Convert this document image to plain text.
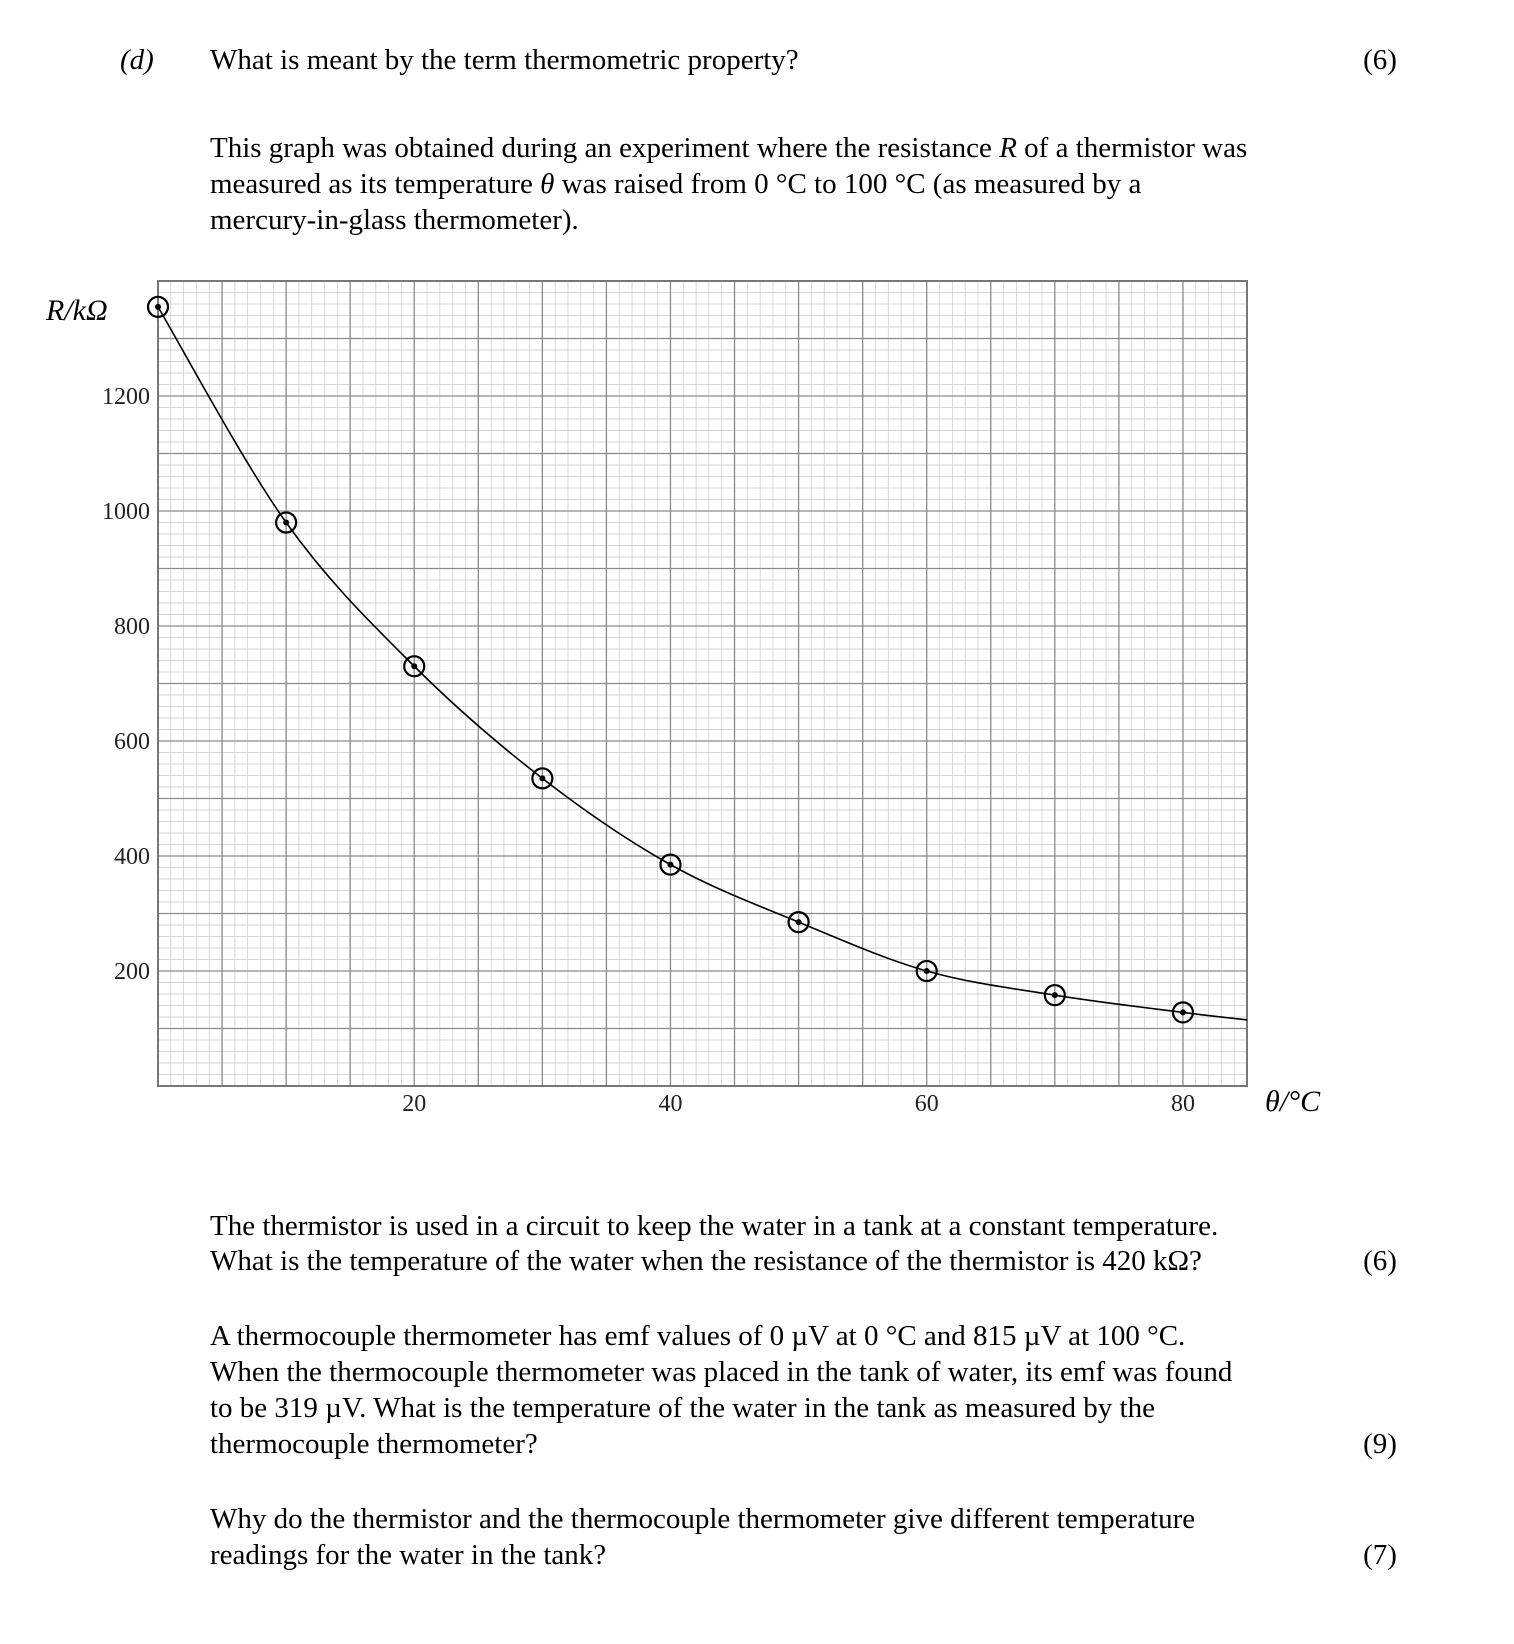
(d) What is meant by the term thermometric property?	(6)
This graph was obtained during an experiment where the resistance R of a thermistor was
measured as its temperature θ was raised from 0 °C to 100 °C (as measured by a
mercury-in-glass thermometer).
20	40	60	80
200
400
600
800
1000
1200
R/kΩ
θ/°C
The thermistor is used in a circuit to keep the water in a tank at a constant temperature.
What is the temperature of the water when the resistance of the thermistor is 420 kΩ?	(6)
A thermocouple thermometer has emf values of 0 µV at 0 °C and 815 µV at 100 °C.
When the thermocouple thermometer was placed in the tank of water, its emf was found
to be 319 µV. What is the temperature of the water in the tank as measured by the
thermocouple thermometer?	(9)
Why do the thermistor and the thermocouple thermometer give different temperature
readings for the water in the tank?	(7)
